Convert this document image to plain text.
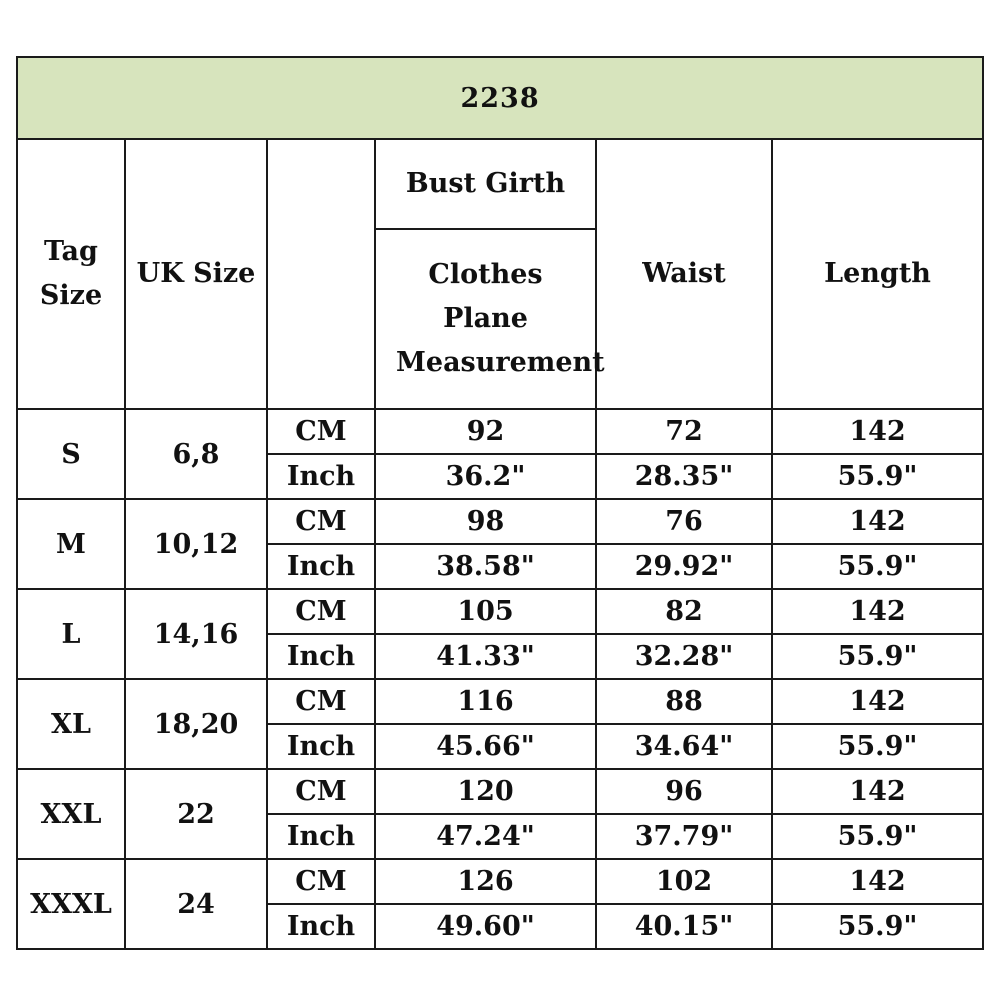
2238					
Tag Size	UK Size		Bust Girth	Waist	Length
			Clothes Plane Measurement		
S	6,8	CM	92	72	142
		Inch	36.2"	28.35"	55.9"
M	10,12	CM	98	76	142
		Inch	38.58"	29.92"	55.9"
L	14,16	CM	105	82	142
		Inch	41.33"	32.28"	55.9"
XL	18,20	CM	116	88	142
		Inch	45.66"	34.64"	55.9"
XXL	22	CM	120	96	142
		Inch	47.24"	37.79"	55.9"
XXXL	24	CM	126	102	142
		Inch	49.60"	40.15"	55.9"
